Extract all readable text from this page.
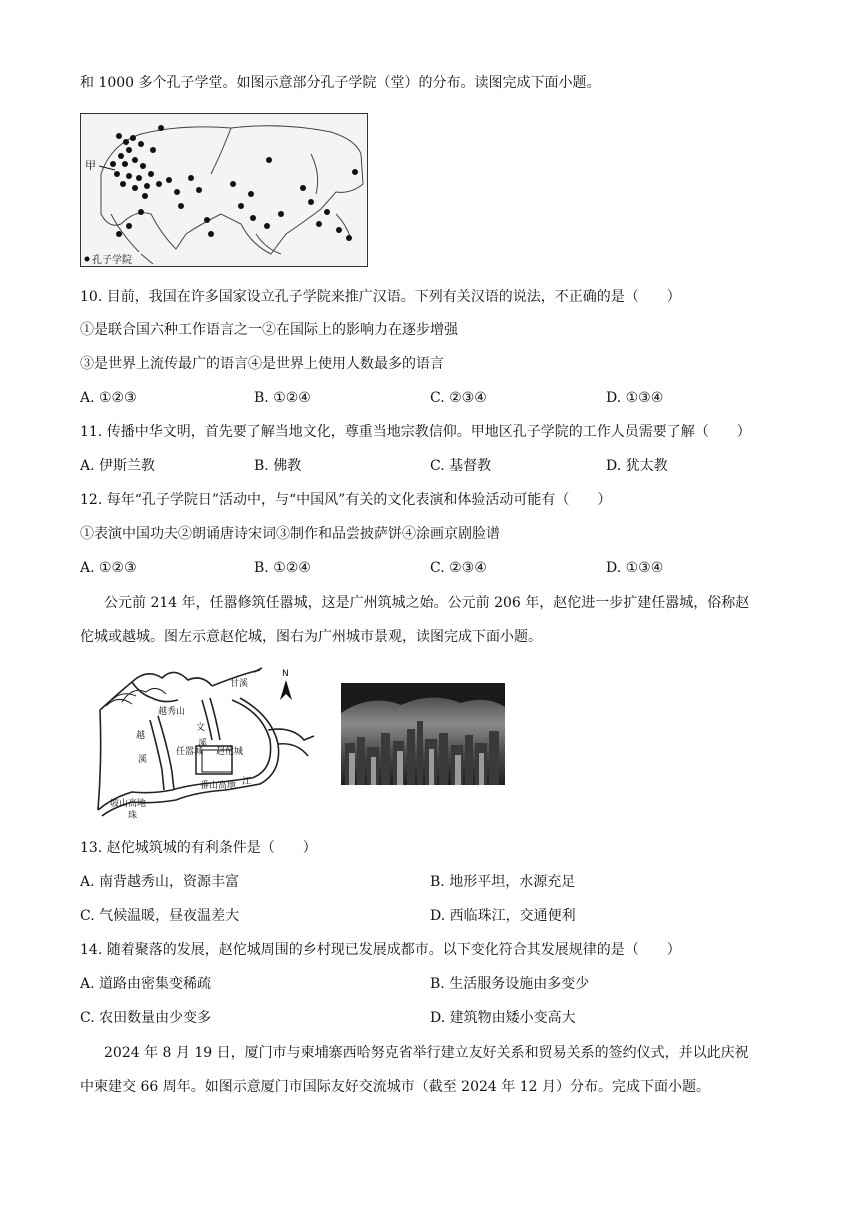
和 1000 多个孔子学堂。如图示意部分孔子学院（堂）的分布。读图完成下面小题。
甲
孔子学院
10. 目前，我国在许多国家设立孔子学院来推广汉语。下列有关汉语的说法，不正确的是（　　）
①是联合国六种工作语言之一②在国际上的影响力在逐步增强
③是世界上流传最广的语言④是世界上使用人数最多的语言
A. ①②③	B. ①②④	C. ②③④	D. ①③④
11. 传播中华文明，首先要了解当地文化，尊重当地宗教信仰。甲地区孔子学院的工作人员需要了解（　　）
A. 伊斯兰教	B. 佛教	C. 基督教	D. 犹太教
12. 每年“孔子学院日”活动中，与“中国风”有关的文化表演和体验活动可能有（　　）
①表演中国功夫②朗诵唐诗宋词③制作和品尝披萨饼④涂画京剧脸谱
A. ①②③	B. ①②④	C. ②③④	D. ①③④
公元前 214 年，任嚣修筑任嚣城，这是广州筑城之始。公元前 206 年，赵佗进一步扩建任嚣城，俗称赵
佗城或越城。图左示意赵佗城，图右为广州城市景观，读图完成下面小题。
甘溪
越秀山
文
溪
越
溪
任嚣城 赵佗城
番山高地 江
坡山高地
珠
N
13. 赵佗城筑城的有利条件是（　　）
A. 南背越秀山，资源丰富	B. 地形平坦，水源充足
C. 气候温暖，昼夜温差大	D. 西临珠江，交通便利
14. 随着聚落的发展，赵佗城周围的乡村现已发展成都市。以下变化符合其发展规律的是（　　）
A. 道路由密集变稀疏	B. 生活服务设施由多变少
C. 农田数量由少变多	D. 建筑物由矮小变高大
2024 年 8 月 19 日，厦门市与柬埔寨西哈努克省举行建立友好关系和贸易关系的签约仪式，并以此庆祝
中柬建交 66 周年。如图示意厦门市国际友好交流城市（截至 2024 年 12 月）分布。完成下面小题。
